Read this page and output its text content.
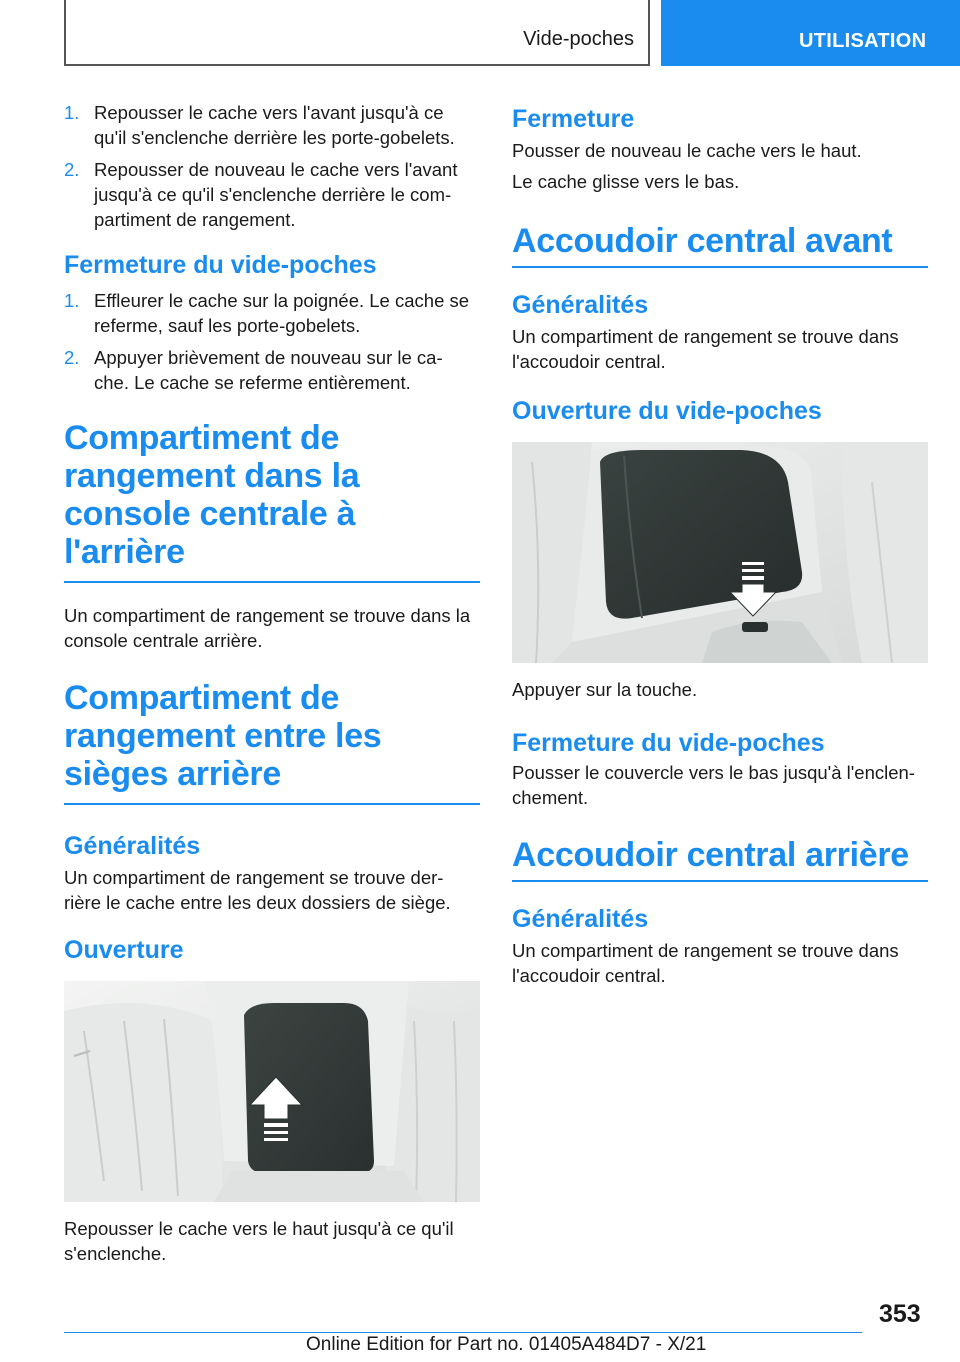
Vide-poches	UTILISATION
1. Repousser le cache vers l'avant jusqu'à ce qu'il s'enclenche derrière les porte-gobelets.
2. Repousser de nouveau le cache vers l'avant jusqu'à ce qu'il s'enclenche derrière le com- partiment de rangement.
Fermeture du vide-poches
1. Effleurer le cache sur la poignée. Le cache se referme, sauf les porte-gobelets.
2. Appuyer brièvement de nouveau sur le ca- che. Le cache se referme entièrement.
Compartiment de rangement dans la console centrale à l'arrière
Un compartiment de rangement se trouve dans la console centrale arrière.
Compartiment de rangement entre les sièges arrière
Généralités
Un compartiment de rangement se trouve der- rière le cache entre les deux dossiers de siège.
Ouverture
Repousser le cache vers le haut jusqu'à ce qu'il s'enclenche.
Fermeture
Pousser de nouveau le cache vers le haut.
Le cache glisse vers le bas.
Accoudoir central avant
Généralités
Un compartiment de rangement se trouve dans l'accoudoir central.
Ouverture du vide-poches
Appuyer sur la touche.
Fermeture du vide-poches
Pousser le couvercle vers le bas jusqu'à l'enclen- chement.
Accoudoir central arrière
Généralités
Un compartiment de rangement se trouve dans l'accoudoir central.
353
Online Edition for Part no. 01405A484D7 - X/21
